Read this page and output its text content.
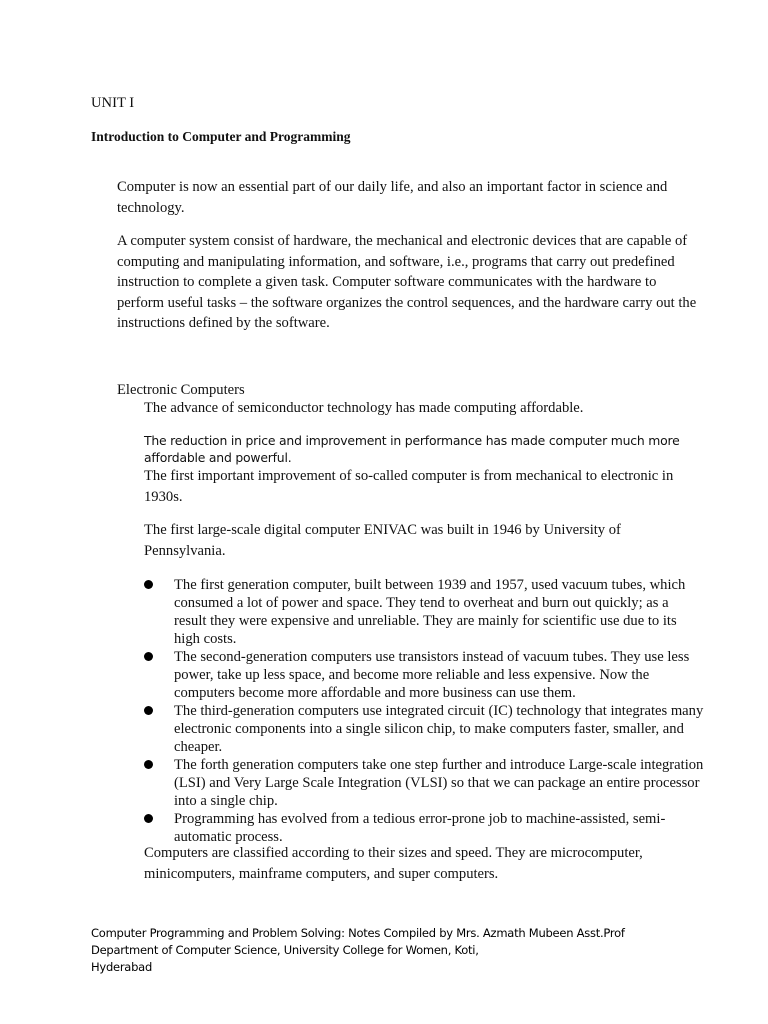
UNIT I

Introduction to Computer and Programming

Computer is now an essential part of our daily life, and also an important factor in science and technology.

A computer system consist of hardware, the mechanical and electronic devices that are capable of computing and manipulating information, and software, i.e., programs that carry out predefined instruction to complete a given task. Computer software communicates with the hardware to perform useful tasks – the software organizes the control sequences, and the hardware carry out the instructions defined by the software.

Electronic Computers

The advance of semiconductor technology has made computing affordable.

The reduction in price and improvement in performance has made computer much more affordable and powerful.

The first important improvement of so-called computer is from mechanical to electronic in 1930s.

The first large-scale digital computer ENIVAC was built in 1946 by University of Pennsylvania.

The first generation computer, built between 1939 and 1957, used vacuum tubes, which consumed a lot of power and space. They tend to overheat and burn out quickly; as a result they were expensive and unreliable. They are mainly for scientific use due to its high costs.
The second-generation computers use transistors instead of vacuum tubes. They use less power, take up less space, and become more reliable and less expensive. Now the computers become more affordable and more business can use them.
The third-generation computers use integrated circuit (IC) technology that integrates many electronic components into a single silicon chip, to make computers faster, smaller, and cheaper.
The forth generation computers take one step further and introduce Large-scale integration (LSI) and Very Large Scale Integration (VLSI) so that we can package an entire processor into a single chip.
Programming has evolved from a tedious error-prone job to machine-assisted, semi-automatic process.

Computers are classified according to their sizes and speed. They are microcomputer, minicomputers, mainframe computers, and super computers.

Computer Programming and Problem Solving: Notes Compiled by Mrs. Azmath Mubeen Asst.Prof
Department of Computer Science, University College for Women, Koti,
Hyderabad
